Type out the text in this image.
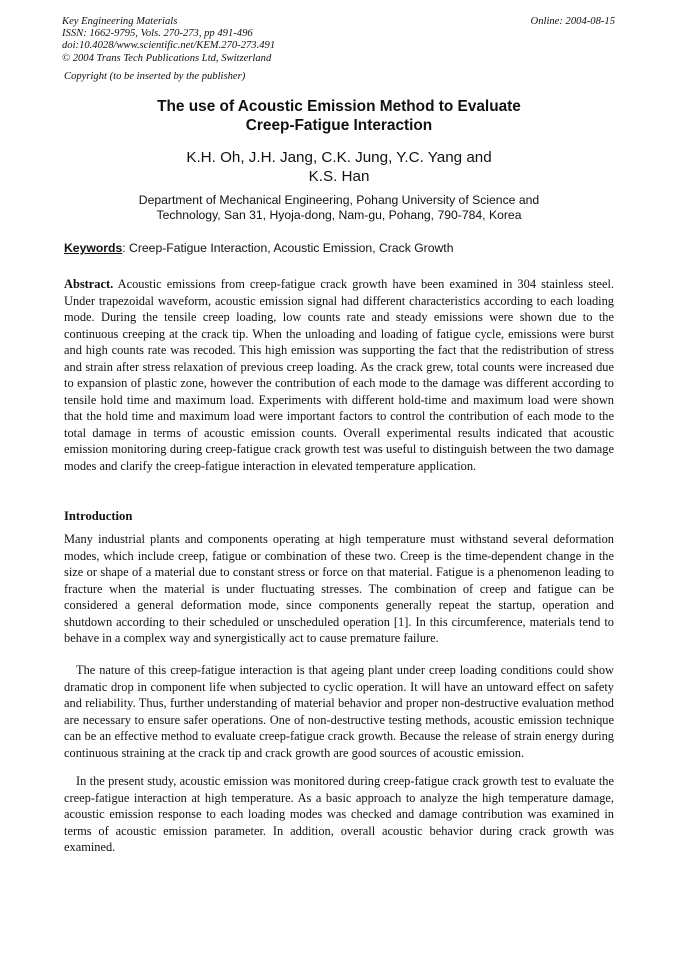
Key Engineering Materials
ISSN: 1662-9795, Vols. 270-273, pp 491-496
doi:10.4028/www.scientific.net/KEM.270-273.491
© 2004 Trans Tech Publications Ltd, Switzerland
Online: 2004-08-15
Copyright (to be inserted by the publisher)
The use of Acoustic Emission Method to Evaluate
Creep-Fatigue Interaction
K.H. Oh, J.H. Jang, C.K. Jung, Y.C. Yang and
K.S. Han
Department of Mechanical Engineering, Pohang University of Science and
Technology, San 31, Hyoja-dong, Nam-gu, Pohang, 790-784, Korea
Keywords: Creep-Fatigue Interaction, Acoustic Emission, Crack Growth
Abstract. Acoustic emissions from creep-fatigue crack growth have been examined in 304 stainless steel. Under trapezoidal waveform, acoustic emission signal had different characteristics according to each loading mode. During the tensile creep loading, low counts rate and steady emissions were shown due to the continuous creeping at the crack tip. When the unloading and loading of fatigue cycle, emissions were burst and high counts rate was recoded. This high emission was supporting the fact that the redistribution of stress and strain after stress relaxation of previous creep loading. As the crack grew, total counts were increased due to expansion of plastic zone, however the contribution of each mode to the damage was different according to tensile hold time and maximum load. Experiments with different hold-time and maximum load were shown that the hold time and maximum load were important factors to control the contribution of each mode to the total damage in terms of acoustic emission counts. Overall experimental results indicated that acoustic emission monitoring during creep-fatigue crack growth test was useful to distinguish between the two damage modes and clarify the creep-fatigue interaction in elevated temperature application.
Introduction
Many industrial plants and components operating at high temperature must withstand several deformation modes, which include creep, fatigue or combination of these two. Creep is the time-dependent change in the size or shape of a material due to constant stress or force on that material. Fatigue is a phenomenon leading to fracture when the material is under fluctuating stresses. The combination of creep and fatigue can be considered a general deformation mode, since components generally repeat the startup, operation and shutdown according to their scheduled or unscheduled operation [1]. In this circumference, materials tend to behave in a complex way and synergistically act to cause premature failure.
The nature of this creep-fatigue interaction is that ageing plant under creep loading conditions could show dramatic drop in component life when subjected to cyclic operation. It will have an untoward effect on safety and reliability. Thus, further understanding of material behavior and proper non-destructive evaluation method are necessary to ensure safer operations. One of non-destructive testing methods, acoustic emission technique can be an effective method to evaluate creep-fatigue crack growth. Because the release of strain energy during continuous straining at the crack tip and crack growth are good sources of acoustic emission.
In the present study, acoustic emission was monitored during creep-fatigue crack growth test to evaluate the creep-fatigue interaction at high temperature. As a basic approach to analyze the high temperature damage, acoustic emission response to each loading modes was checked and damage contribution was examined in terms of acoustic emission parameter. In addition, overall acoustic behavior during crack growth was examined.
